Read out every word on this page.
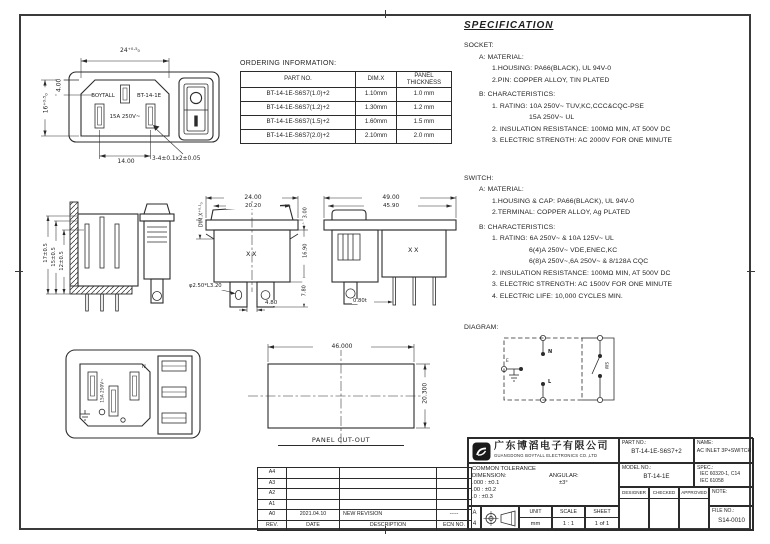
24⁺⁰·⁵₀
4.00
16⁺⁰·⁵₀
14.00	3-4±0.1x2±0.05
BOYTALL	BT-14-1E
15A 250V~
ORDERING INFORMATION:
PART NO.	DIM.X	PANEL
THICKNESS

BT-14-1E-S6S7(1.0)+2	1.10mm	1.0 mm
BT-14-1E-S6S7(1.2)+2	1.30mm	1.2 mm
BT-14-1E-S6S7(1.5)+2	1.60mm	1.5 mm
BT-14-1E-S6S7(2.0)+2	2.10mm	2.0 mm
SPECIFICATION
SOCKET:
A: MATERIAL:
1.HOUSING: PA66(BLACK), UL 94V-0
2.PIN: COPPER ALLOY, TIN PLATED
B: CHARACTERISTICS:
1. RATING: 10A 250V~ TUV,KC,CCC&CQC-PSE
15A 250V~ UL
2. INSULATION RESISTANCE: 100MΩ MIN, AT 500V DC
3. ELECTRIC STRENGTH: AC 2000V FOR ONE MINUTE
SWITCH:
A: MATERIAL:
1.HOUSING & CAP: PA66(BLACK), UL 94V-0
2.TERMINAL: COPPER ALLOY, Ag PLATED
B: CHARACTERISTICS:
1. RATING: 6A 250V~ & 10A 125V~ UL
6(4)A 250V~ VDE,ENEC,KC
6(8)A 250V~,6A 250V~ & 8/128A CQC
2. INSULATION RESISTANCE: 100MΩ MIN, AT 500V DC
3. ELECTRIC STRENGTH: AC 1500V FOR ONE MINUTE
4. ELECTRIC LIFE: 10,000 CYCLES MIN.
DIAGRAM:
N
L
E
SW
17±0.5 15±0.5 12±0.5
24.00
20.20
3.00
DIM.X⁺⁰·¹₀
16.90
7.80
4.80
φ2.50*L3.20
XX
49.00
45.90
0.80t
XX
N
15A 250V~
46.000
20.300
PANEL CUT-OUT
A4			
A3			
A2			
A1			
A0	2021.04.10	NEW REVISION	-----
REV.	DATE	DESCRIPTION	ECN NO.
广东博滔电子有限公司
GUANGDONG BOYTALL ELECTRONICS CO.,LTD
COMMON TOLERANCE
DIMENSION:	ANGULAR:
.000 : ±0.1	±3°
.00 : ±0.2
.0 : ±0.3
A
4
UNIT
mm
SCALE
1 : 1
SHEET
1 of 1
PART NO.:
BT-14-1E-S6S7+2
NAME:
AC INLET 3P+SWITCH
MODEL NO.:
BT-14-1E
SPEC.:
IEC 60320-1, C14
IEC 61058
DESIGNER	CHECKED	APPROVED	NOTE:
FILE NO.:
S14-0010
